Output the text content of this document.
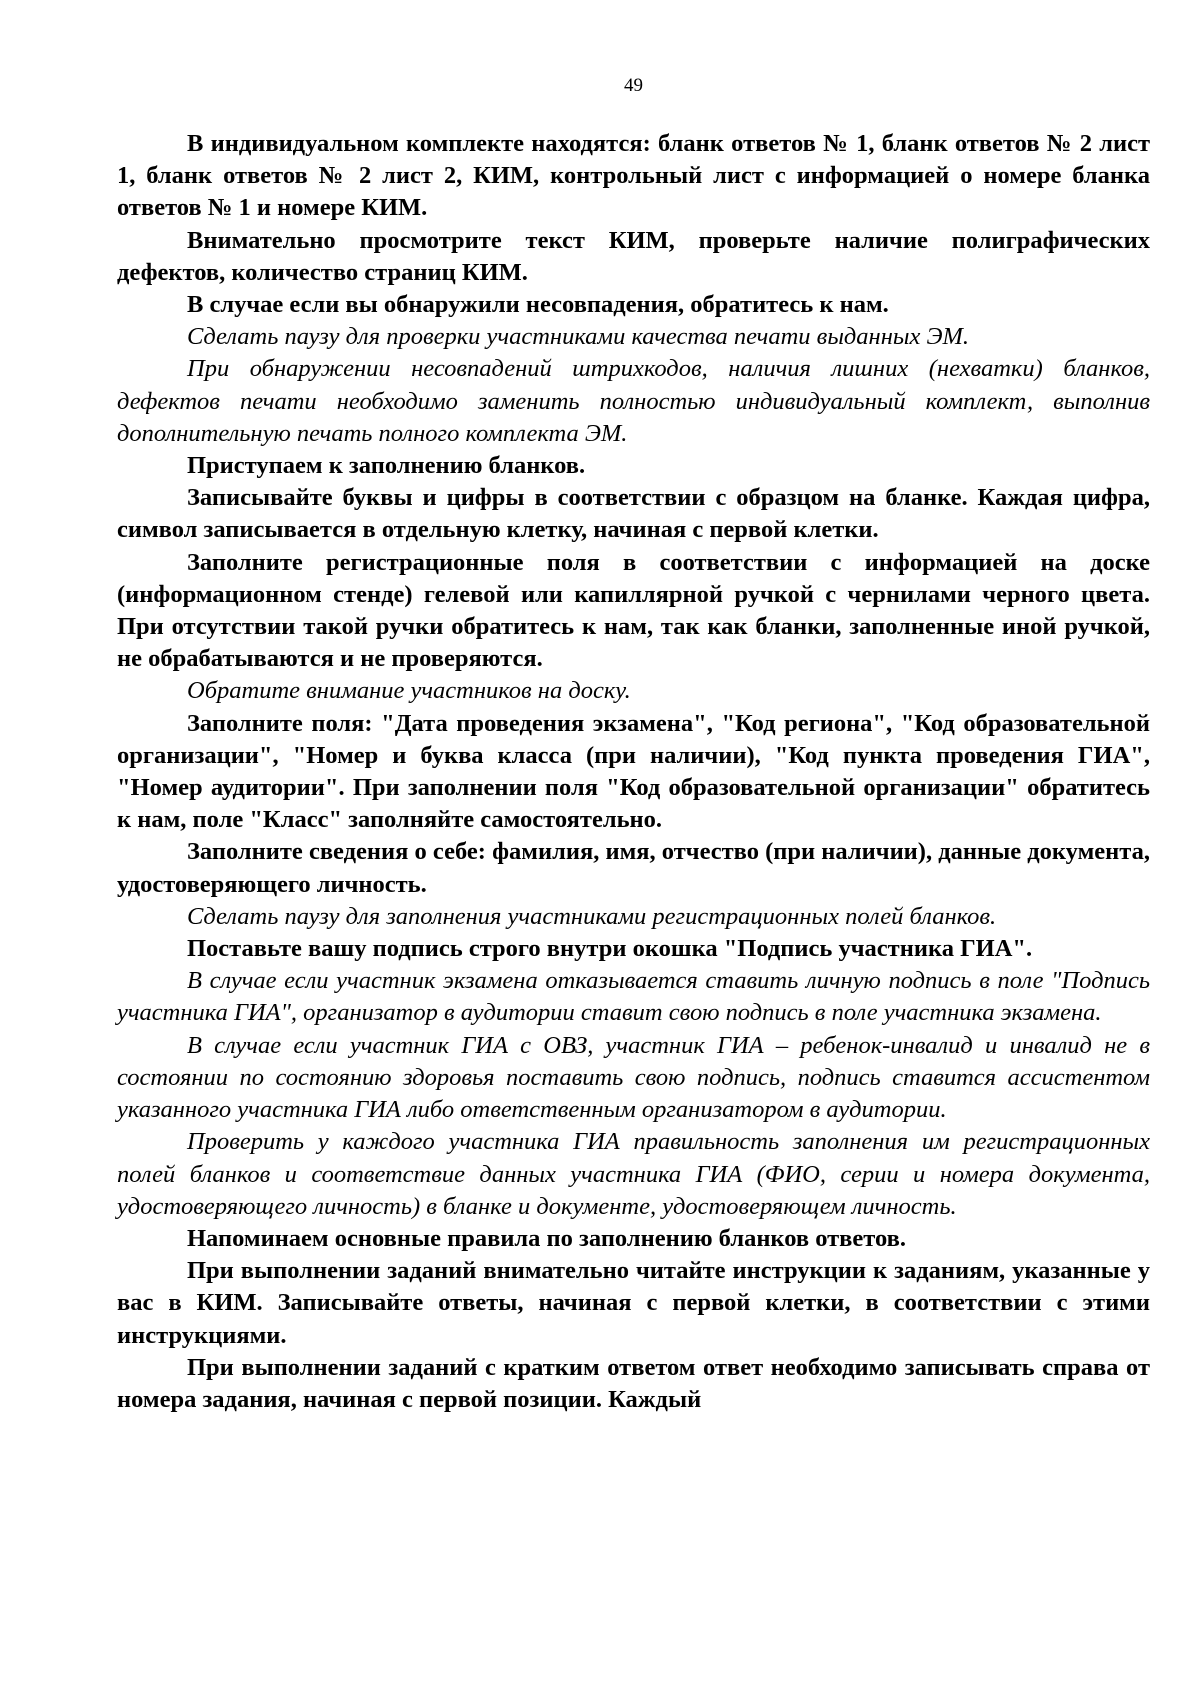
49

В индивидуальном комплекте находятся: бланк ответов № 1, бланк ответов № 2 лист 1, бланк ответов № 2 лист 2, КИМ, контрольный лист с информацией о номере бланка ответов № 1 и номере КИМ.

Внимательно просмотрите текст КИМ, проверьте наличие полиграфических дефектов, количество страниц КИМ.

В случае если вы обнаружили несовпадения, обратитесь к нам.

Сделать паузу для проверки участниками качества печати выданных ЭМ.

При обнаружении несовпадений штрихкодов, наличия лишних (нехватки) бланков, дефектов печати необходимо заменить полностью индивидуальный комплект, выполнив дополнительную печать полного комплекта ЭМ.

Приступаем к заполнению бланков.

Записывайте буквы и цифры в соответствии с образцом на бланке. Каждая цифра, символ записывается в отдельную клетку, начиная с первой клетки.

Заполните регистрационные поля в соответствии с информацией на доске (информационном стенде) гелевой или капиллярной ручкой с чернилами черного цвета. При отсутствии такой ручки обратитесь к нам, так как бланки, заполненные иной ручкой, не обрабатываются и не проверяются.

Обратите внимание участников на доску.

Заполните поля: "Дата проведения экзамена", "Код региона", "Код образовательной организации", "Номер и буква класса (при наличии), "Код пункта проведения ГИА", "Номер аудитории". При заполнении поля "Код образовательной организации" обратитесь к нам, поле "Класс" заполняйте самостоятельно.

Заполните сведения о себе: фамилия, имя, отчество (при наличии), данные документа, удостоверяющего личность.

Сделать паузу для заполнения участниками регистрационных полей бланков.

Поставьте вашу подпись строго внутри окошка "Подпись участника ГИА".

В случае если участник экзамена отказывается ставить личную подпись в поле "Подпись участника ГИА", организатор в аудитории ставит свою подпись в поле участника экзамена.

В случае если участник ГИА с ОВЗ, участник ГИА – ребенок-инвалид и инвалид не в состоянии по состоянию здоровья поставить свою подпись, подпись ставится ассистентом указанного участника ГИА либо ответственным организатором в аудитории.

Проверить у каждого участника ГИА правильность заполнения им регистрационных полей бланков и соответствие данных участника ГИА (ФИО, серии и номера документа, удостоверяющего личность) в бланке и документе, удостоверяющем личность.

Напоминаем основные правила по заполнению бланков ответов.

При выполнении заданий внимательно читайте инструкции к заданиям, указанные у вас в КИМ. Записывайте ответы, начиная с первой клетки, в соответствии с этими инструкциями.

При выполнении заданий с кратким ответом ответ необходимо записывать справа от номера задания, начиная с первой позиции. Каждый
